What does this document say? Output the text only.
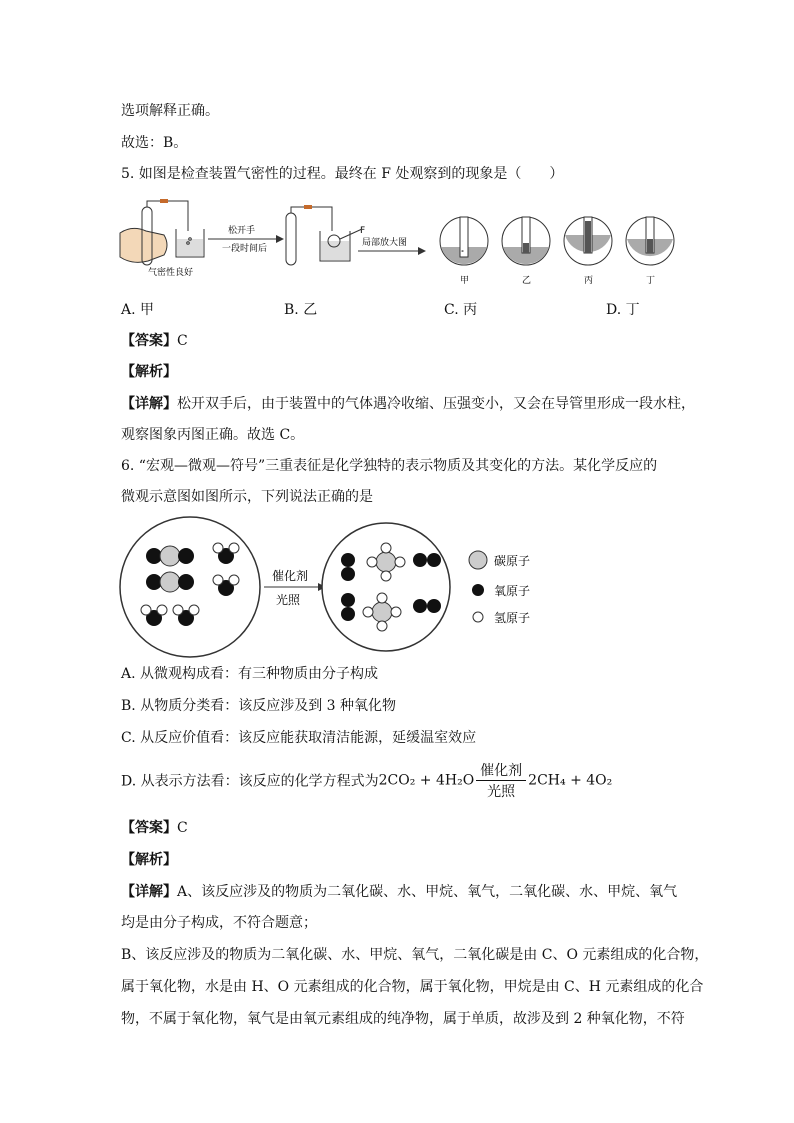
选项解释正确。
故选：B。
5. 如图是检查装置气密性的过程。最终在 F 处观察到的现象是（　　）
气密性良好
松开手
一段时间后
F
局部放大图
°
甲	乙	丙	丁
A. 甲	B. 乙	C. 丙	D. 丁
【答案】C
【解析】
【详解】松开双手后，由于装置中的气体遇冷收缩、压强变小，又会在导管里形成一段水柱，
观察图象丙图正确。故选 C。
6. “宏观—微观—符号”三重表征是化学独特的表示物质及其变化的方法。某化学反应的
微观示意图如图所示，下列说法正确的是
催化剂
光照
碳原子
氧原子
氢原子
A. 从微观构成看：有三种物质由分子构成
B. 从物质分类看：该反应涉及到 3 种氧化物
C. 从反应价值看：该反应能获取清洁能源，延缓温室效应
D. 从表示方法看：该反应的化学方程式为$2CO_2 + 4H_2O \frac{\text{催化剂}}{\text{光照}} 2CH_4 + 4O_2$
【答案】C
【解析】
【详解】A、该反应涉及的物质为二氧化碳、水、甲烷、氧气，二氧化碳、水、甲烷、氧气
均是由分子构成，不符合题意；
B、该反应涉及的物质为二氧化碳、水、甲烷、氧气，二氧化碳是由 C、O 元素组成的化合物，
属于氧化物，水是由 H、O 元素组成的化合物，属于氧化物，甲烷是由 C、H 元素组成的化合
物，不属于氧化物，氧气是由氧元素组成的纯净物，属于单质，故涉及到 2 种氧化物，不符
